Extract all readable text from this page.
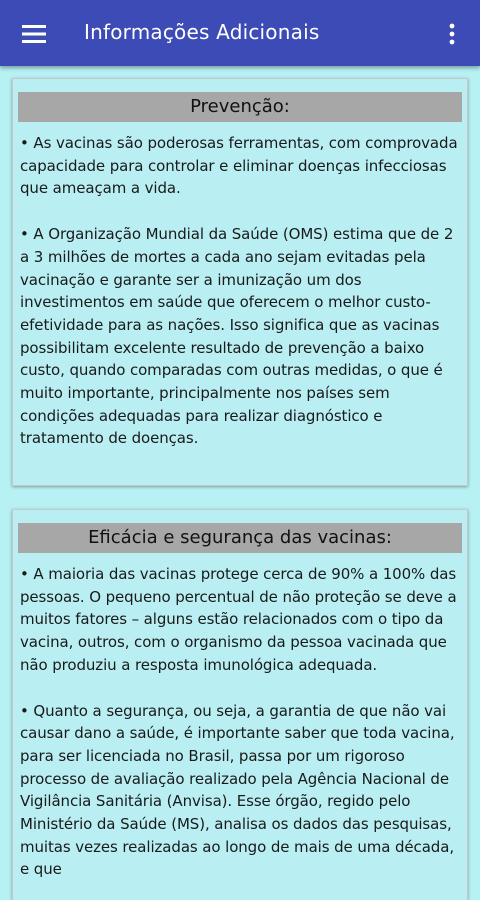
Informações Adicionais
Prevenção:

• As vacinas são poderosas ferramentas, com comprovada capacidade para controlar e eliminar doenças infecciosas que ameaçam a vida.

• A Organização Mundial da Saúde (OMS) estima que de 2 a 3 milhões de mortes a cada ano sejam evitadas pela vacinação e garante ser a imunização um dos investimentos em saúde que oferecem o melhor custo-efetividade para as nações. Isso significa que as vacinas possibilitam excelente resultado de prevenção a baixo custo, quando comparadas com outras medidas, o que é muito importante, principalmente nos países sem condições adequadas para realizar diagnóstico e tratamento de doenças.

Eficácia e segurança das vacinas:

• A maioria das vacinas protege cerca de 90% a 100% das pessoas. O pequeno percentual de não proteção se deve a muitos fatores – alguns estão relacionados com o tipo da vacina, outros, com o organismo da pessoa vacinada que não produziu a resposta imunológica adequada.

• Quanto a segurança, ou seja, a garantia de que não vai causar dano a saúde, é importante saber que toda vacina, para ser licenciada no Brasil, passa por um rigoroso processo de avaliação realizado pela Agência Nacional de Vigilância Sanitária (Anvisa). Esse órgão, regido pelo Ministério da Saúde (MS), analisa os dados das pesquisas, muitas vezes realizadas ao longo de mais de uma década, e que
